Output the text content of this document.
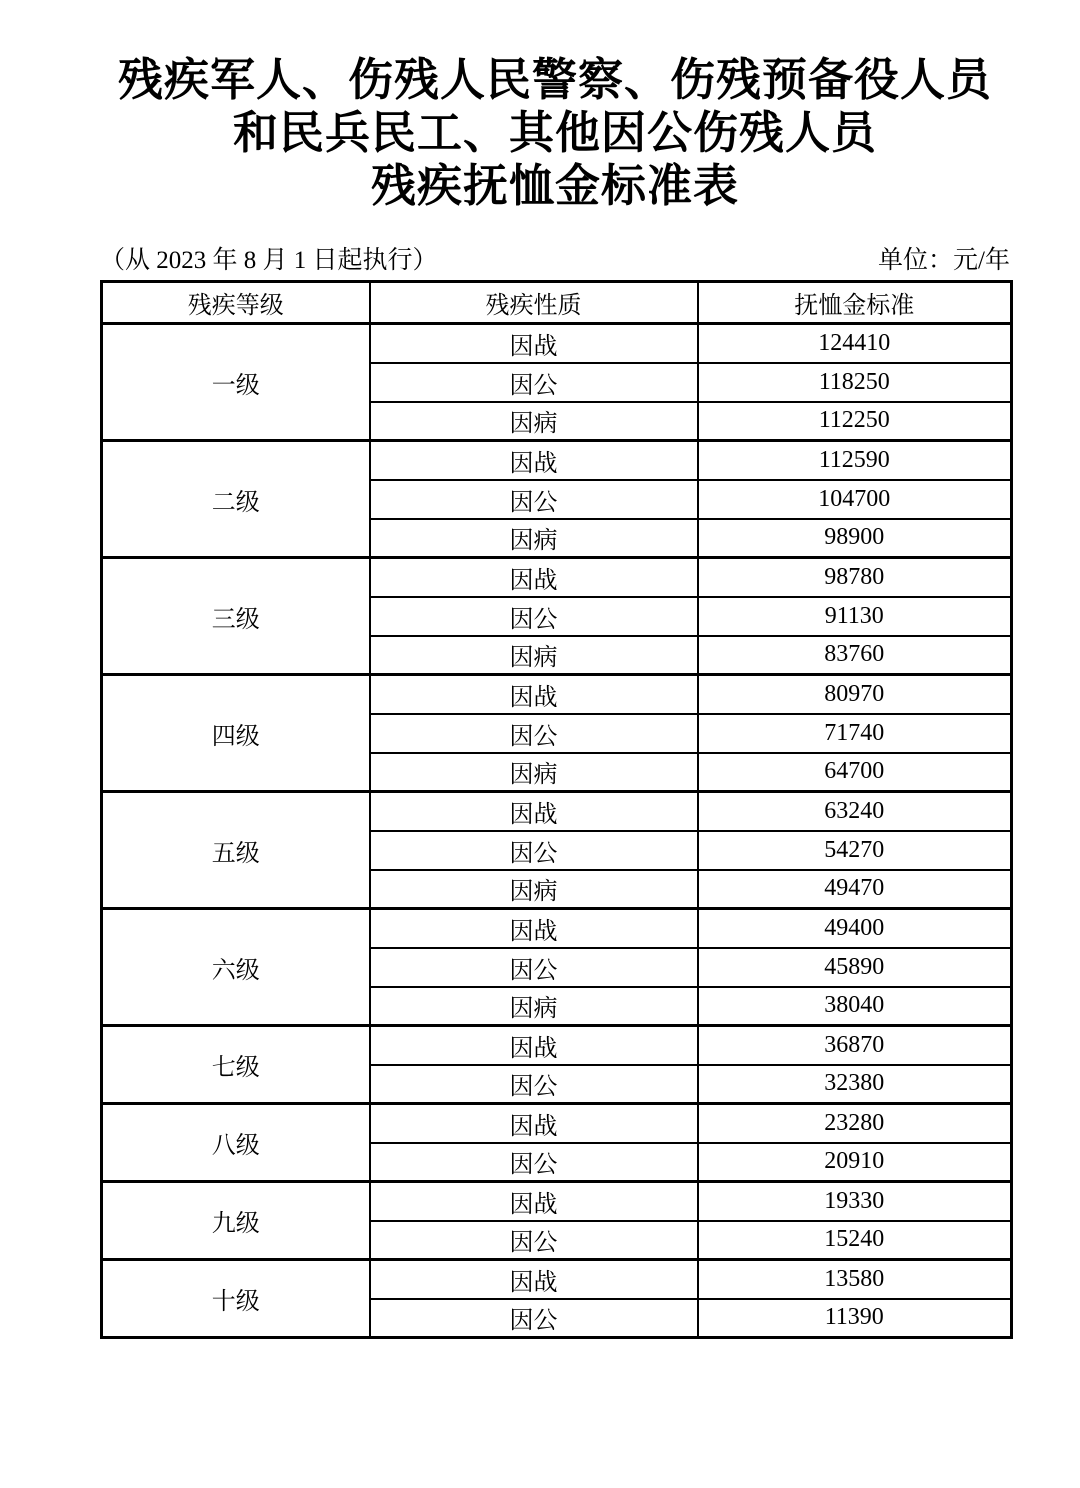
残疾军人、伤残人民警察、伤残预备役人员
和民兵民工、其他因公伤残人员
残疾抚恤金标准表
（从 2023 年 8 月 1 日起执行）	单位：元/年
残疾等级	残疾性质	抚恤金标准
一级	因战	124410
	因公	118250
	因病	112250
二级	因战	112590
	因公	104700
	因病	98900
三级	因战	98780
	因公	91130
	因病	83760
四级	因战	80970
	因公	71740
	因病	64700
五级	因战	63240
	因公	54270
	因病	49470
六级	因战	49400
	因公	45890
	因病	38040
七级	因战	36870
	因公	32380
八级	因战	23280
	因公	20910
九级	因战	19330
	因公	15240
十级	因战	13580
	因公	11390
